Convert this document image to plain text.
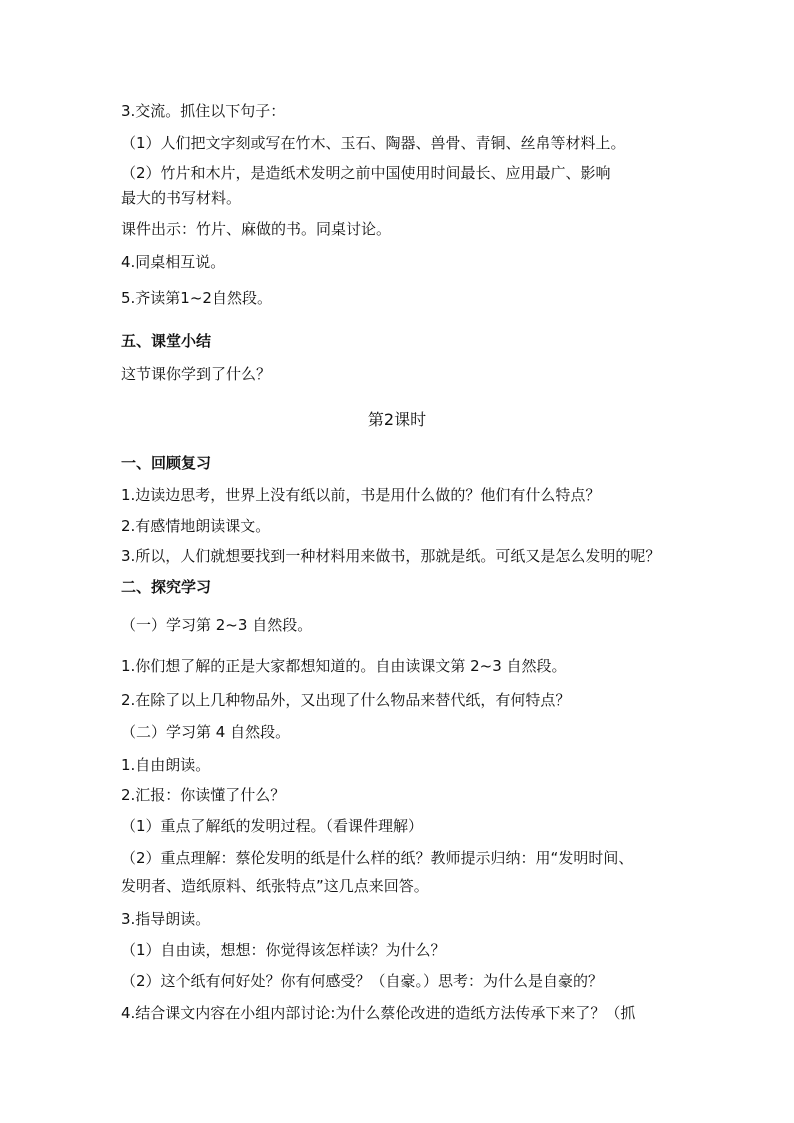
3.交流。抓住以下句子：
（1）人们把文字刻或写在竹木、玉石、陶器、兽骨、青铜、丝帛等材料上。
（2）竹片和木片，是造纸术发明之前中国使用时间最长、应用最广、影响
最大的书写材料。
课件出示：竹片、麻做的书。同桌讨论。
4.同桌相互说。
5.齐读第1~2自然段。
五、课堂小结
这节课你学到了什么？
第2课时
一、回顾复习
1.边读边思考，世界上没有纸以前，书是用什么做的？他们有什么特点？
2.有感情地朗读课文。
3.所以，人们就想要找到一种材料用来做书，那就是纸。可纸又是怎么发明的呢？
二、探究学习
（一）学习第 2~3 自然段。
1.你们想了解的正是大家都想知道的。自由读课文第 2~3 自然段。
2.在除了以上几种物品外，又出现了什么物品来替代纸，有何特点？
（二）学习第 4 自然段。
1.自由朗读。
2.汇报：你读懂了什么？
（1）重点了解纸的发明过程。（看课件理解）
（2）重点理解：蔡伦发明的纸是什么样的纸？教师提示归纳：用“发明时间、
发明者、造纸原料、纸张特点”这几点来回答。
3.指导朗读。
（1）自由读，想想：你觉得该怎样读？为什么？
（2）这个纸有何好处？你有何感受？（自豪。）思考：为什么是自豪的？
4.结合课文内容在小组内部讨论:为什么蔡伦改进的造纸方法传承下来了？（抓
